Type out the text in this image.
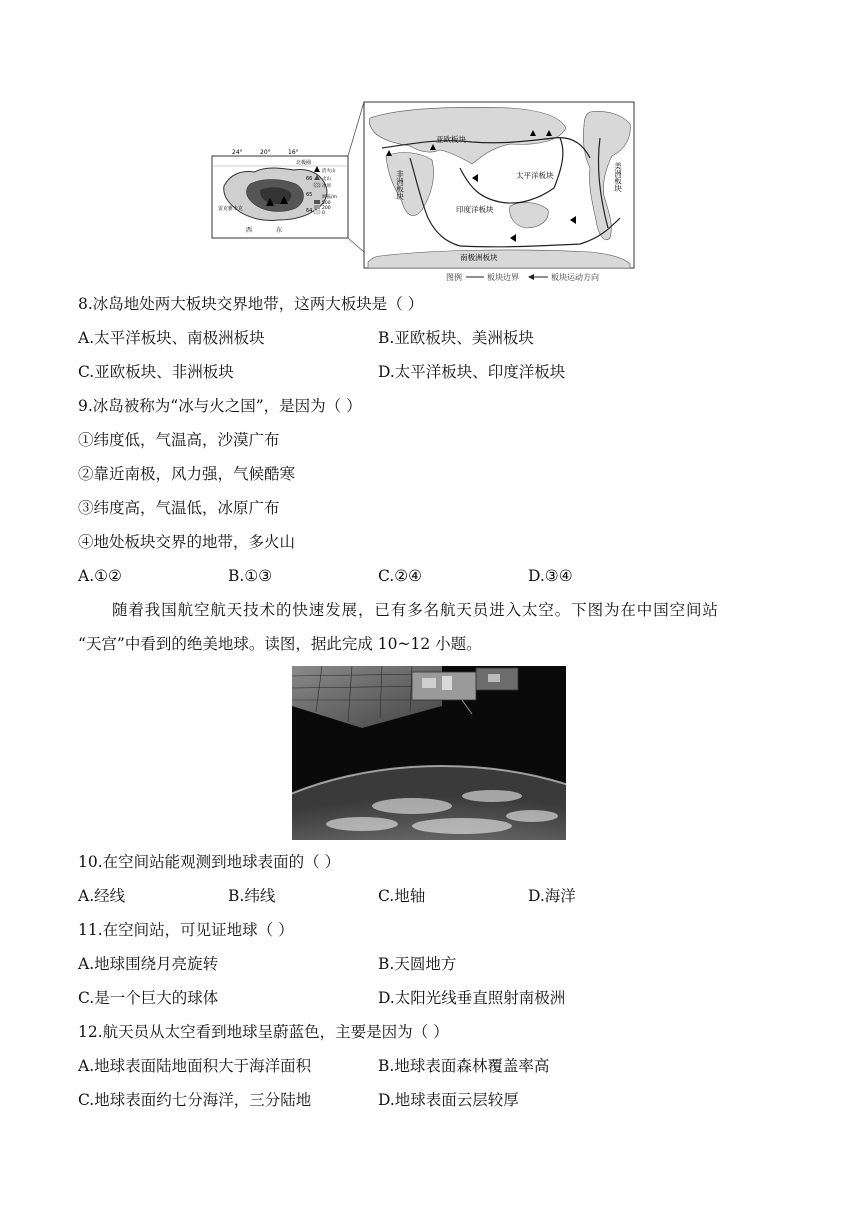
24°	20°	16°
北极圈
66
65
64
雷克雅未克
西	东
活火山
火山
冰原
海拔/m
500
200
0
亚欧板块
非洲板块	太平洋板块	美洲板块
印度洋板块
南极洲板块
图例	板块边界	板块运动方向
8.冰岛地处两大板块交界地带，这两大板块是（ ）
A.太平洋板块、南极洲板块	B.亚欧板块、美洲板块
C.亚欧板块、非洲板块	D.太平洋板块、印度洋板块
9.冰岛被称为“冰与火之国”，是因为（ ）
①纬度低，气温高，沙漠广布
②靠近南极，风力强，气候酷寒
③纬度高，气温低，冰原广布
④地处板块交界的地带，多火山
A.①②	B.①③	C.②④	D.③④
随着我国航空航天技术的快速发展，已有多名航天员进入太空。下图为在中国空间站
“天宫”中看到的绝美地球。读图，据此完成 10~12 小题。
10.在空间站能观测到地球表面的（ ）
A.经线	B.纬线	C.地轴	D.海洋
11.在空间站，可见证地球（ ）
A.地球围绕月亮旋转	B.天圆地方
C.是一个巨大的球体	D.太阳光线垂直照射南极洲
12.航天员从太空看到地球呈蔚蓝色，主要是因为（ ）
A.地球表面陆地面积大于海洋面积	B.地球表面森林覆盖率高
C.地球表面约七分海洋，三分陆地	D.地球表面云层较厚
